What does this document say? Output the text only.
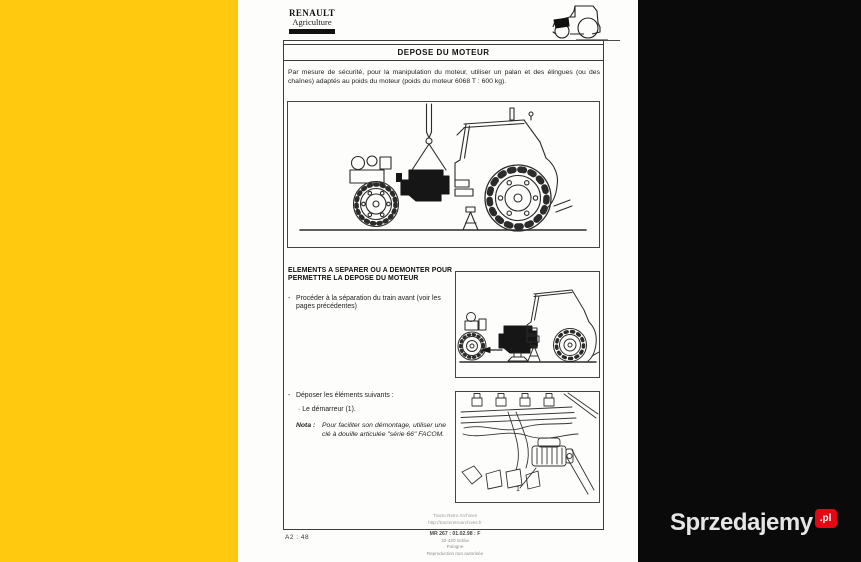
RENAULT
Agriculture
DEPOSE DU MOTEUR

Par mesure de sécurité, pour la manipulation du moteur, utiliser un palan et des élingues (ou des chaînes) adaptés au poids du moteur (poids du moteur 6068 T : 600 kg).

ELEMENTS A SEPARER OU A DEMONTER POUR
PERMETTRE LA DEPOSE DU MOTEUR
- Procéder à la séparation du train avant (voir les pages précédentes)
- Déposer les éléments suivants :
· Le démarreur (1).
Nota : Pour faciliter son démontage, utiliser une clé à douille articulée "série 66" FACOM.
1
A2 : 48
Tracto Retro Archives
http://tractoretroarchives.fr
MR 267 : 01.02.98 : F
32-420 Gdów
Pologne
Reproduction non autorisée
Sprzedajemy .pl
